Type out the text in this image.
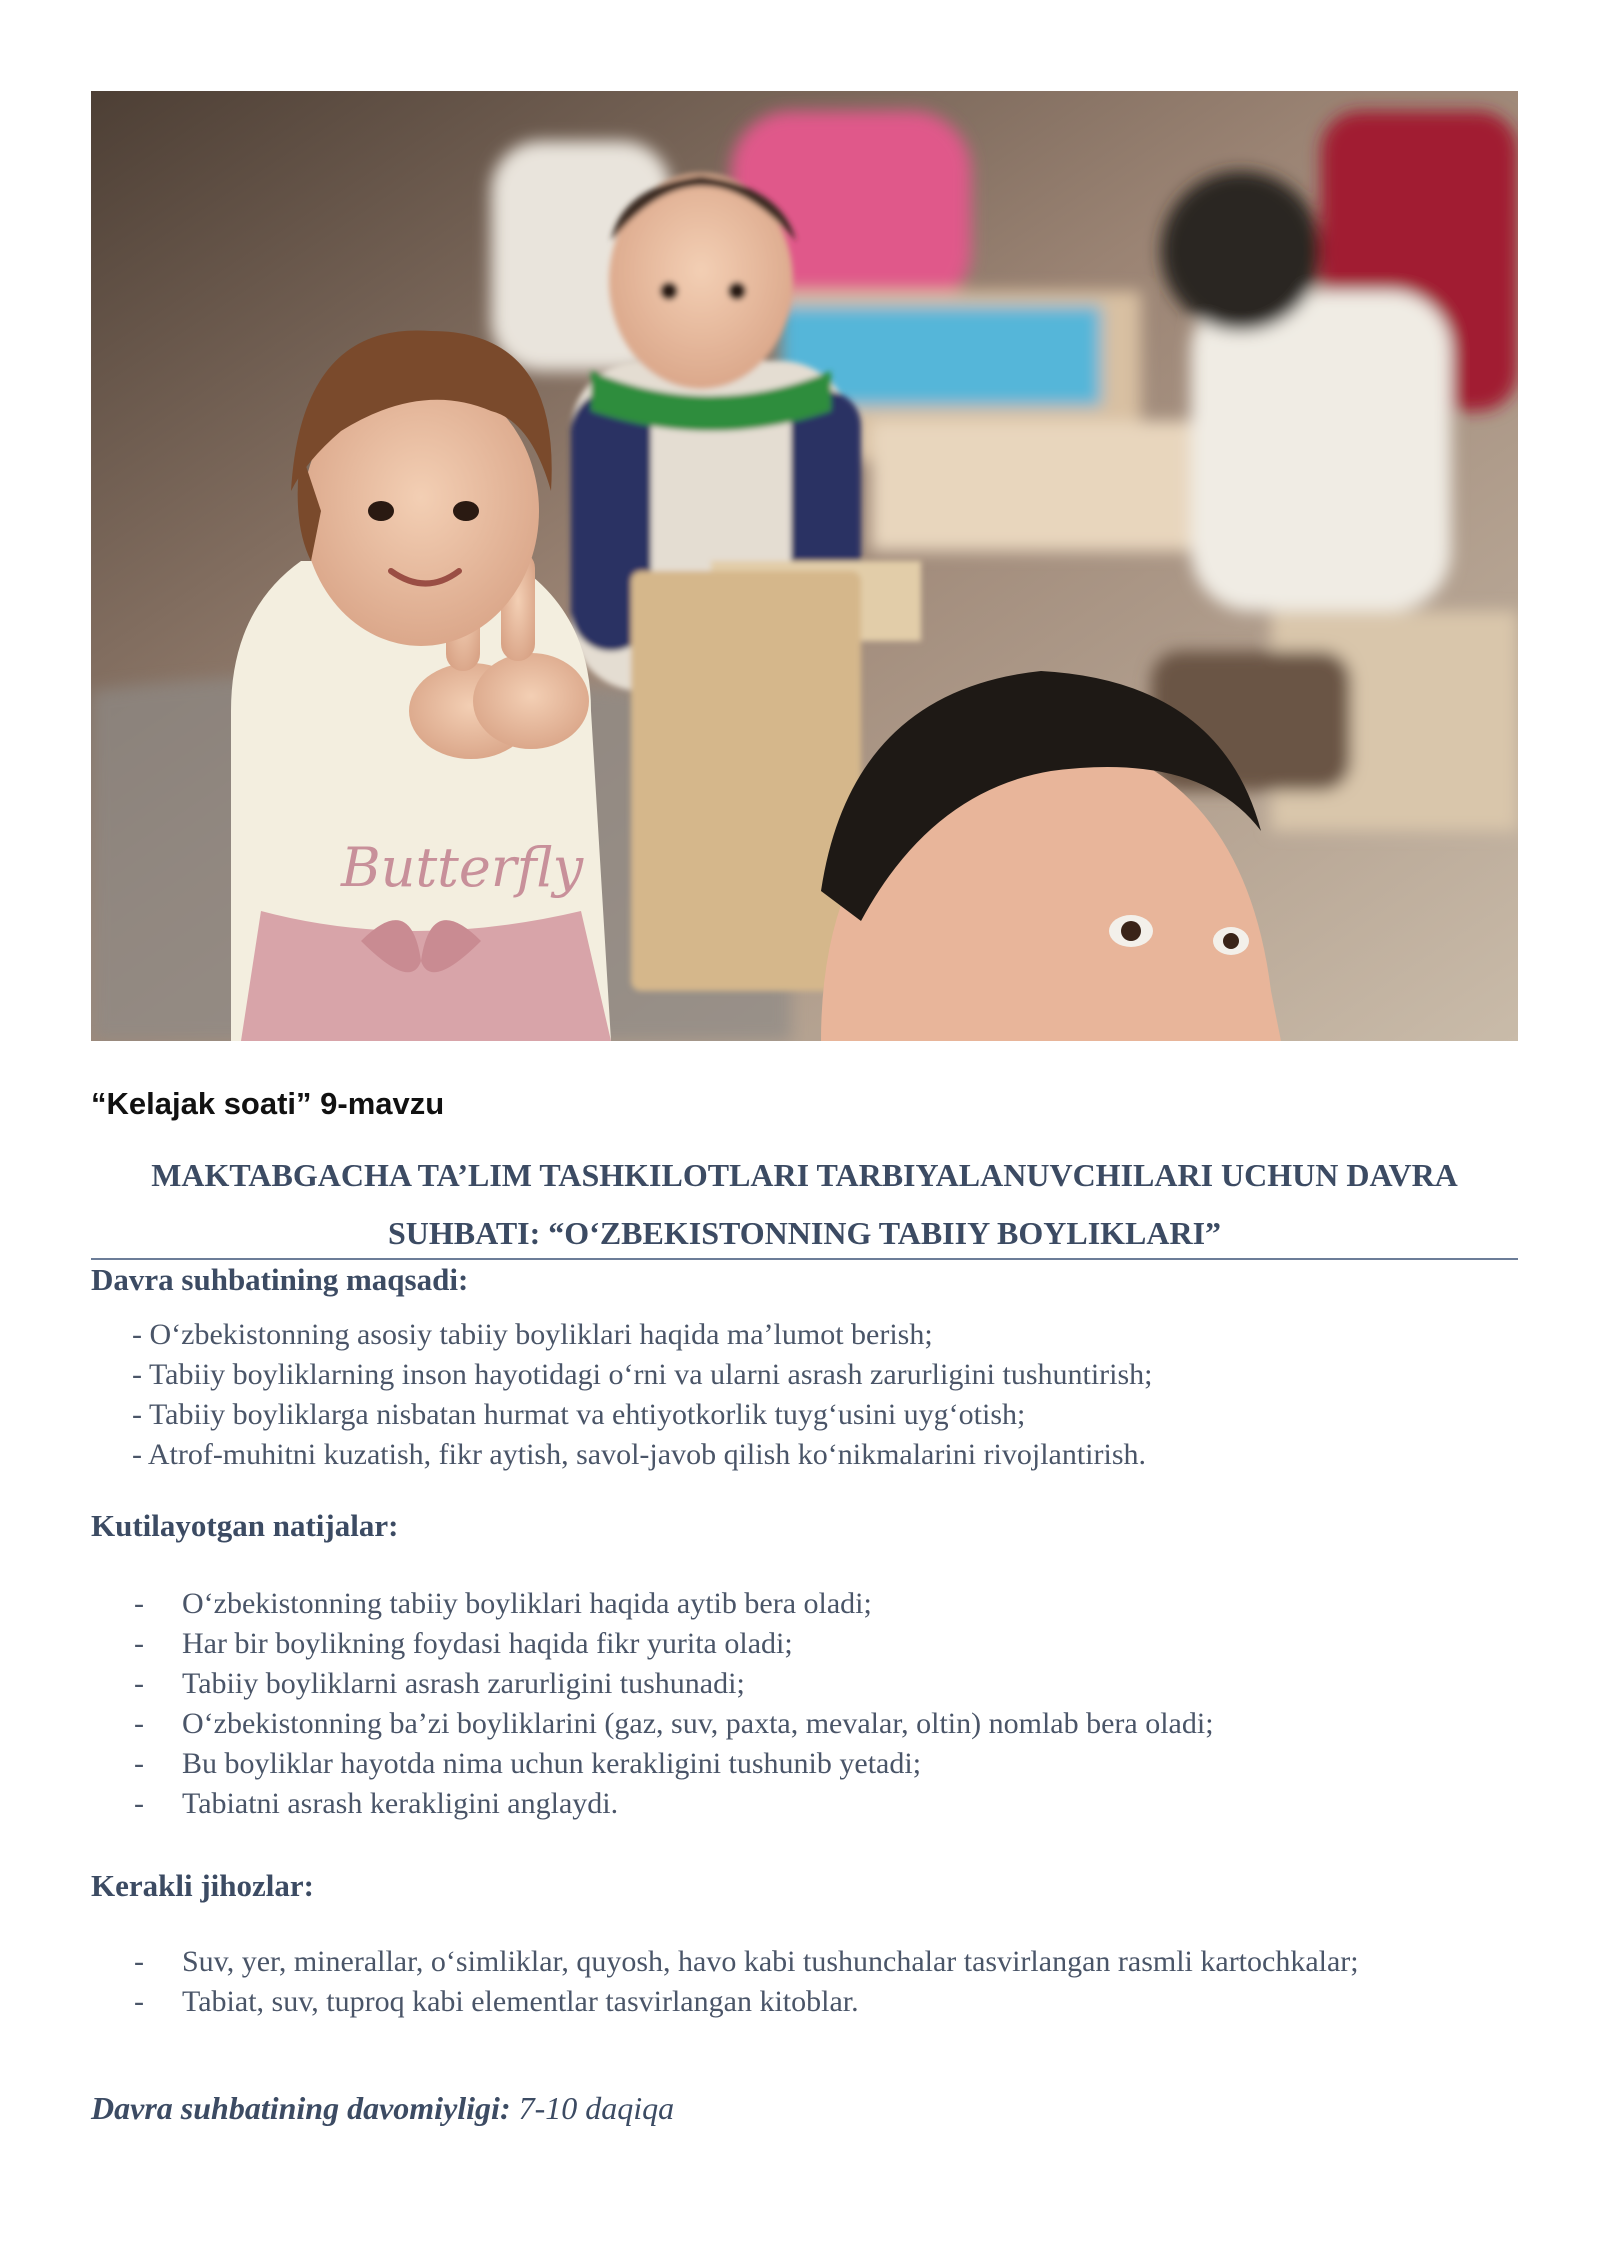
Butterfly

“Kelajak soati” 9-mavzu

MAKTABGACHA TA’LIM TASHKILOTLARI TARBIYALANUVCHILARI UCHUN DAVRA
SUHBATI: “O‘ZBEKISTONNING TABIIY BOYLIKLARI”
Davra suhbatining maqsadi:
- O‘zbekistonning asosiy tabiiy boyliklari haqida ma’lumot berish;
- Tabiiy boyliklarning inson hayotidagi o‘rni va ularni asrash zarurligini tushuntirish;
- Tabiiy boyliklarga nisbatan hurmat va ehtiyotkorlik tuyg‘usini uyg‘otish;
- Atrof-muhitni kuzatish, fikr aytish, savol-javob qilish ko‘nikmalarini rivojlantirish.
Kutilayotgan natijalar:
- O‘zbekistonning tabiiy boyliklari haqida aytib bera oladi;
- Har bir boylikning foydasi haqida fikr yurita oladi;
- Tabiiy boyliklarni asrash zarurligini tushunadi;
- O‘zbekistonning ba’zi boyliklarini (gaz, suv, paxta, mevalar, oltin) nomlab bera oladi;
- Bu boyliklar hayotda nima uchun kerakligini tushunib yetadi;
- Tabiatni asrash kerakligini anglaydi.
Kerakli jihozlar:
- Suv, yer, minerallar, o‘simliklar, quyosh, havo kabi tushunchalar tasvirlangan rasmli kartochkalar;
- Tabiat, suv, tuproq kabi elementlar tasvirlangan kitoblar.

Davra suhbatining davomiyligi: 7-10 daqiqa
